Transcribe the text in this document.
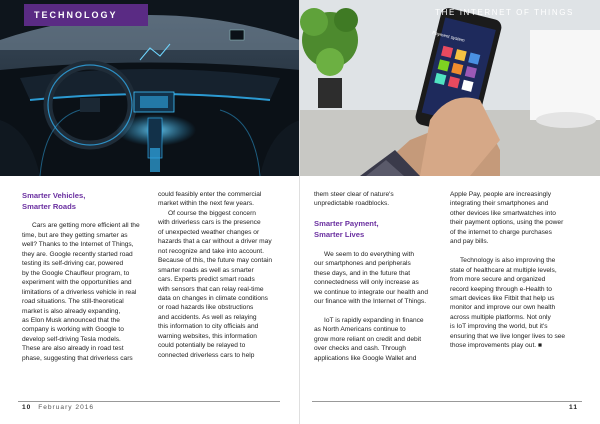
TECHNOLOGY

Smarter Vehicles,

Smarter Roads

Cars are getting more efficient all the

time, but are they getting smarter as

well? Thanks to the Internet of Things,

they are. Google recently started road

testing its self-driving car, powered

by the Google Chauffeur program, to

experiment with the opportunities and

limitations of a driverless vehicle in real

road situations. The still-theoretical

market is also already expanding,

as Elon Musk announced that the

company is working with Google to

develop self-driving Tesla models.

These are also already in road test

phase, suggesting that driverless cars

could feasibly enter the commercial

market within the next few years.

Of course the biggest concern

with driverless cars is the presence

of unexpected weather changes or

hazards that a car without a driver may

not recognize and take into account.

Because of this, the future may contain

smarter roads as well as smarter

cars. Experts predict smart roads

with sensors that can relay real-time

data on changes in climate conditions

or road hazards like obstructions

and accidents. As well as relaying

this information to city officials and

warning websites, this information

could potentially be relayed to

connected driverless cars to help

10 February 2016
THE INTERNET OF THINGS
Payment system

them steer clear of nature's

unpredictable roadblocks.

Smarter Payment,

Smarter Lives

We seem to do everything with

our smartphones and peripherals

these days, and in the future that

connectedness will only increase as

we continue to integrate our health and

our finance with the Internet of Things.

IoT is rapidly expanding in finance

as North Americans continue to

grow more reliant on credit and debit

over checks and cash. Through

applications like Google Wallet and

Apple Pay, people are increasingly

integrating their smartphones and

other devices like smartwatches into

their payment options, using the power

of the internet to charge purchases

and pay bills.

Technology is also improving the

state of healthcare at multiple levels,

from more secure and organized

record keeping through e-Health to

smart devices like Fitbit that help us

monitor and improve our own health

across multiple platforms. Not only

is IoT improving the world, but it's

ensuring that we live longer lives to see

those improvements play out. ■

11
